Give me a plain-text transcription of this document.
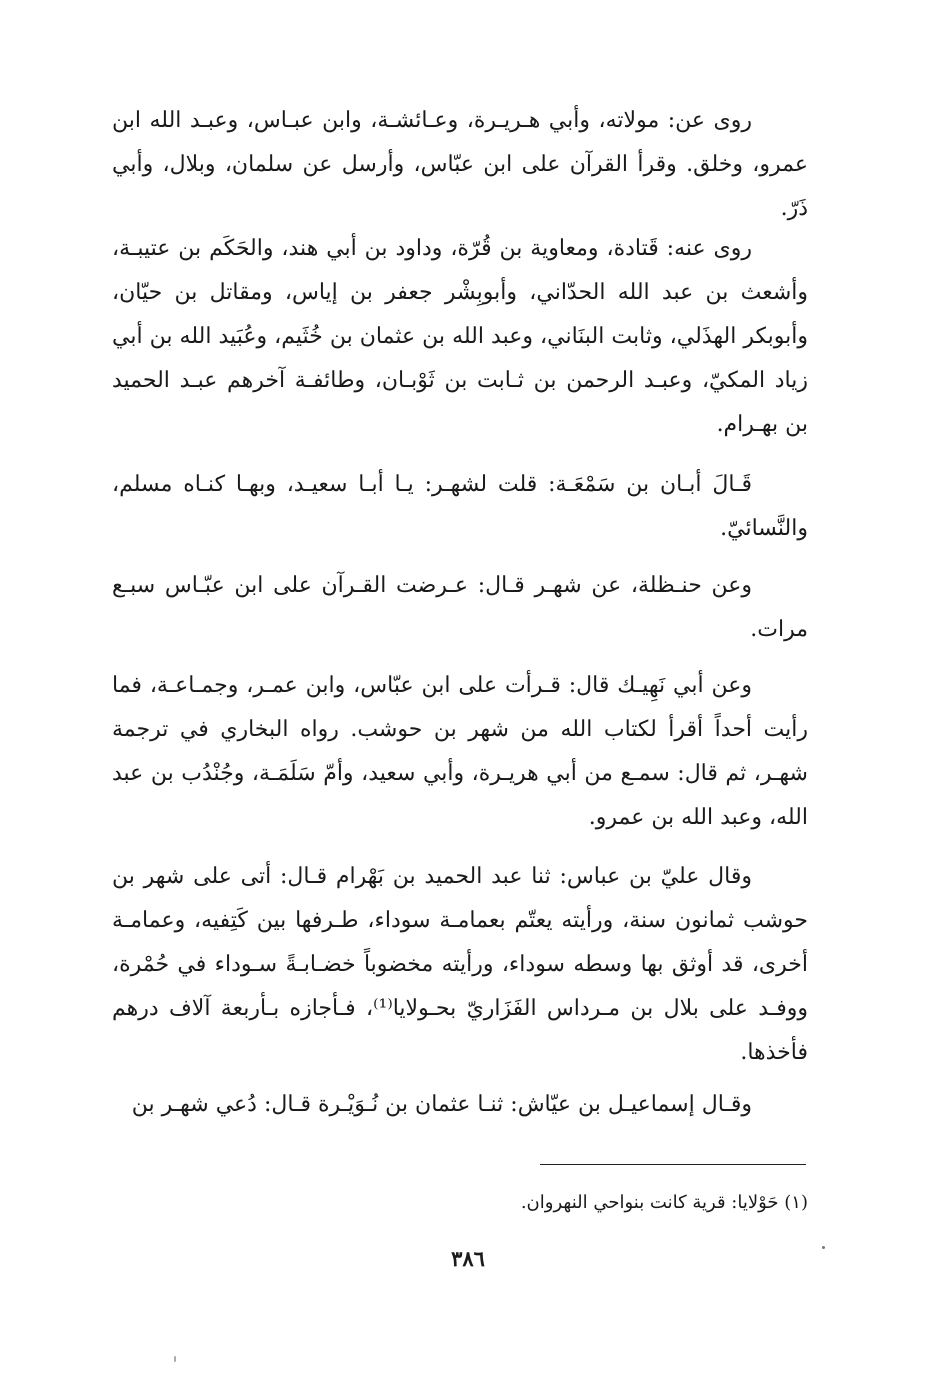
روى عن: مولاته، وأبي هـريـرة، وعـائشـة، وابن عبـاس، وعبـد الله ابن عمرو، وخلق. وقرأ القرآن على ابن عبّاس، وأرسل عن سلمان، وبلال، وأبي ذَرّ.

روى عنه: قَتادة، ومعاوية بن قُرّة، وداود بن أبي هند، والحَكَم بن عتيبـة، وأشعث بن عبد الله الحدّاني، وأبوبِشْر جعفر بن إياس، ومقاتل بن حيّان، وأبوبكر الهذَلي، وثابت البنَاني، وعبد الله بن عثمان بن خُثَيم، وعُبَيد الله بن أبي زياد المكيّ، وعبـد الرحمن بن ثـابت بن ثَوْبـان، وطائفـة آخرهم عبـد الحميد بن بهـرام.

قَـالَ أبـان بن سَمْعَـة: قلت لشهـر: يـا أبـا سعيـد، وبهـا كنـاه مسلم، والنَّسائيّ.

وعن حنـظلة، عن شهـر قـال: عـرضت القـرآن على ابن عبّـاس سبـع مرات.

وعن أبي نَهِيـك قال: قـرأت على ابن عبّاس، وابن عمـر، وجمـاعـة، فما رأيت أحداً أقرأ لكتاب الله من شهر بن حوشب. رواه البخاري في ترجمة شهـر، ثم قال: سمـع من أبي هريـرة، وأبي سعيد، وأمّ سَلَمَـة، وجُنْدُب بن عبد الله، وعبد الله بن عمرو.

وقال عليّ بن عباس: ثنا عبد الحميد بن بَهْرام قـال: أتى على شهر بن حوشب ثمانون سنة، ورأيته يعتّم بعمامـة سوداء، طـرفها بين كَتِفيه، وعمامـة أخرى، قد أوثق بها وسطه سوداء، ورأيته مخضوباً خضـابـةً سـوداء في حُمْرة، ووفـد على بلال بن مـرداس الفَزَاريّ بحـولايا⁽¹⁾، فـأجازه بـأربعة آلاف درهم فأخذها.

وقـال إسماعيـل بن عيّاش: ثنـا عثمان بن نُـوَيْـرة قـال: دُعي شهـر بن

(١) حَوْلايا: قرية كانت بنواحي النهروان.
٣٨٦
